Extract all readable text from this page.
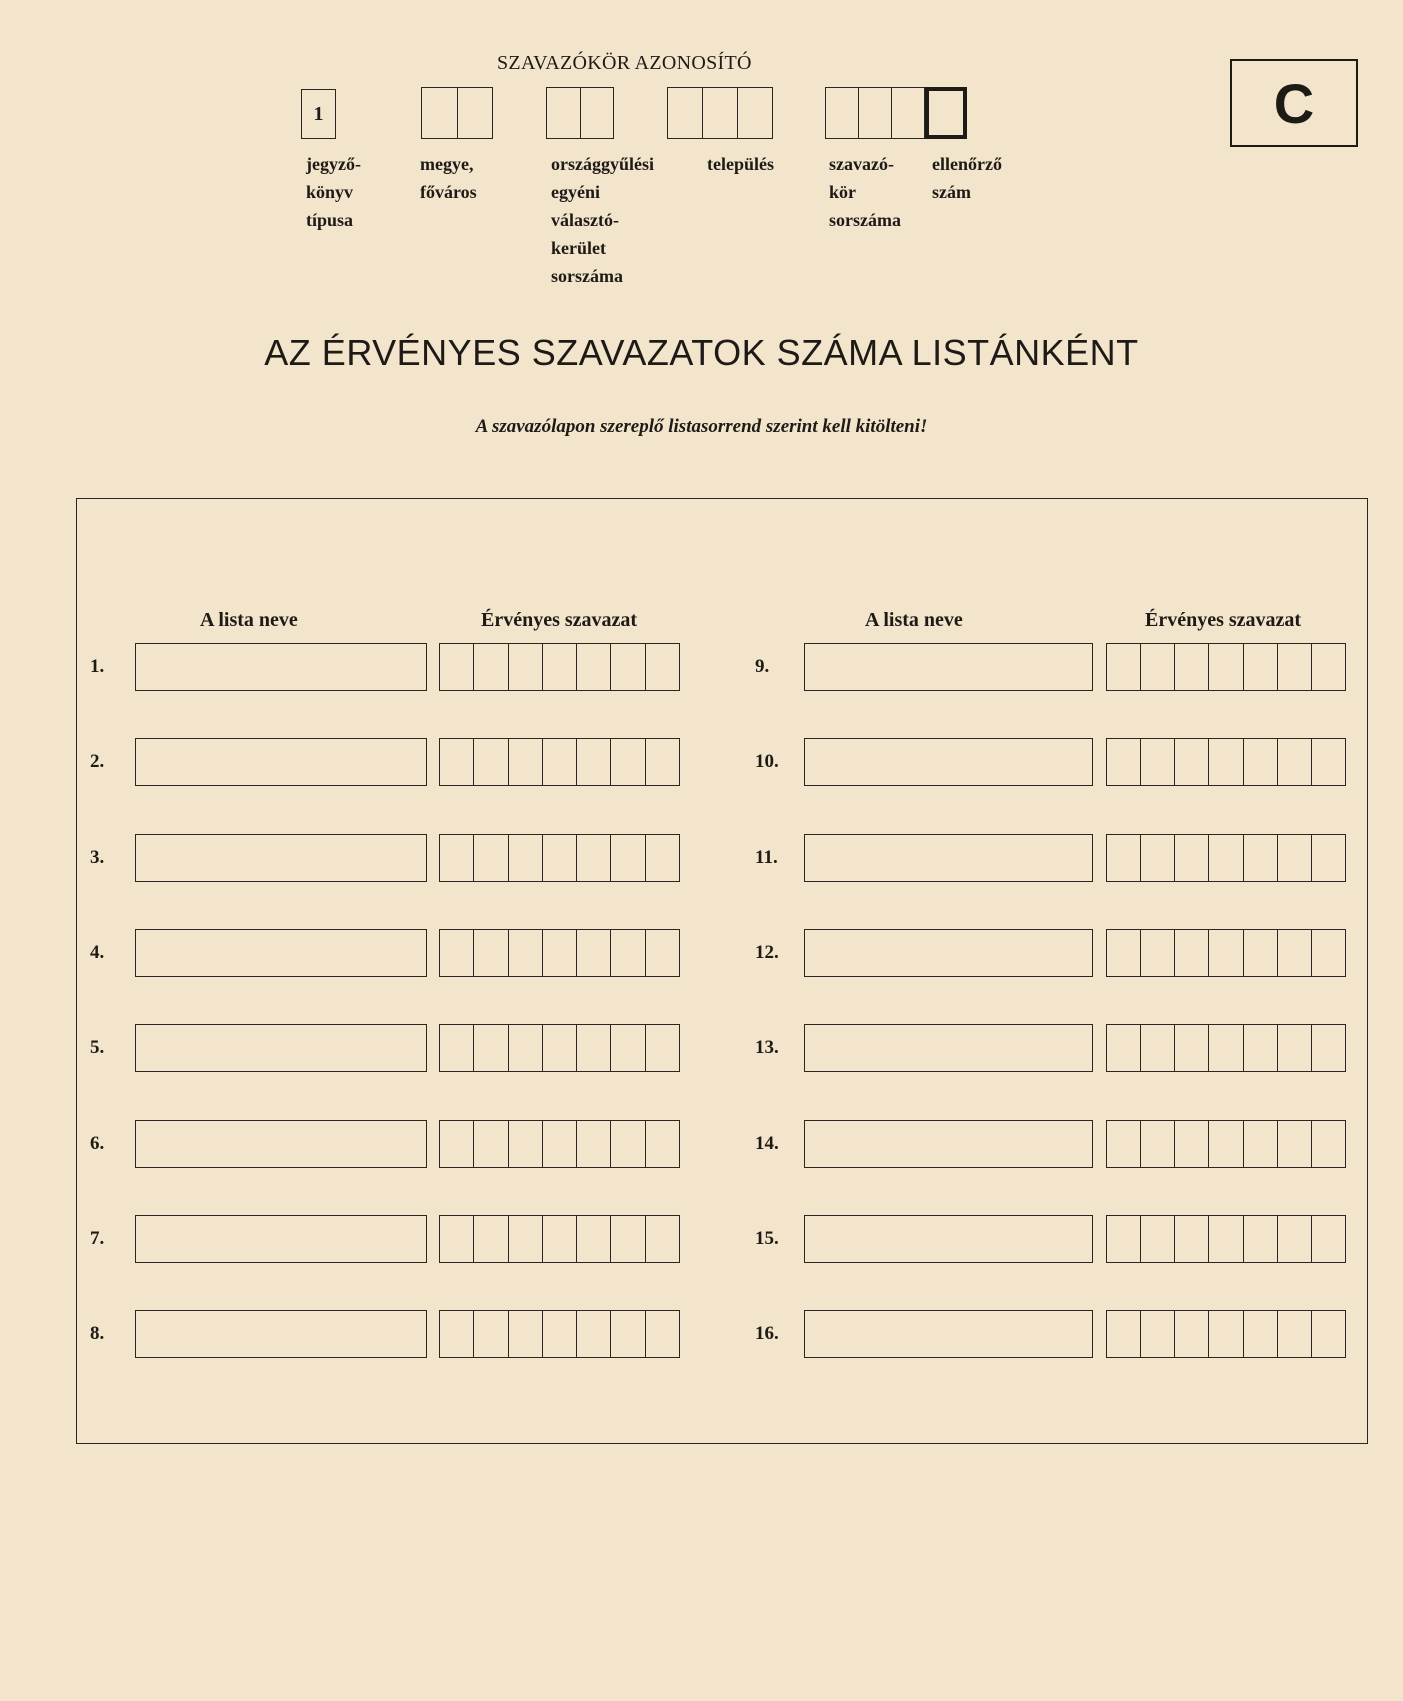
SZAVAZÓKÖR AZONOSÍTÓ
C
1
jegyző-
könyv
típusa
megye,
főváros
országgyűlési
egyéni
választó-
kerület
sorszáma
település	szavazó-
kör
sorszáma
ellenőrző
szám
AZ ÉRVÉNYES SZAVAZATOK SZÁMA LISTÁNKÉNT
A szavazólapon szereplő listasorrend szerint kell kitölteni!
A lista neve	Érvényes szavazat	A lista neve	Érvényes szavazat
1.
2.
3.
4.
5.
6.
7.
8.
9.
10.
11.
12.
13.
14.
15.
16.
